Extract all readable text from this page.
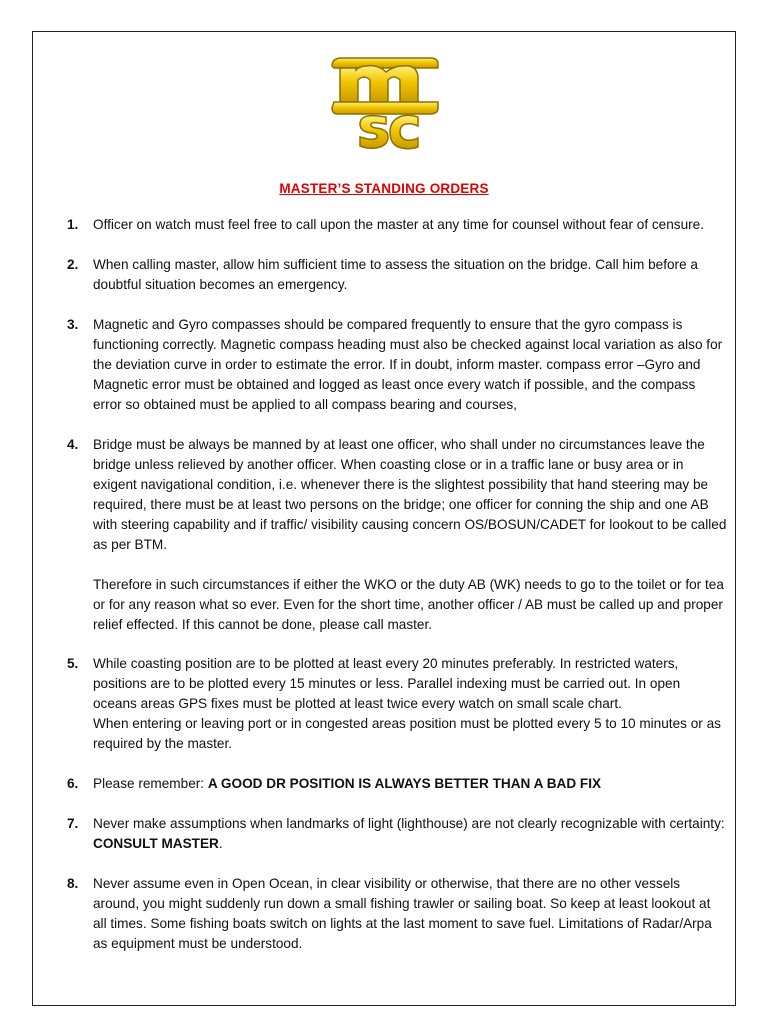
MASTER’S STANDING ORDERS
1.	Officer on watch must feel free to call upon the master at any time for counsel without fear of censure.

2.	When calling master, allow him sufficient time to assess the situation on the bridge. Call him before a doubtful situation becomes an emergency.

3.	Magnetic and Gyro compasses should be compared frequently to ensure that the gyro compass is functioning correctly. Magnetic compass heading must also be checked against local variation as also for the deviation curve in order to estimate the error. If in doubt, inform master. compass error –Gyro and Magnetic error must be obtained and logged as least once every watch if possible, and the compass error so obtained must be applied to all compass bearing and courses,

4.	Bridge must be always be manned by at least one officer, who shall under no circumstances leave the bridge unless relieved by another officer. When coasting close or in a traffic lane or busy area or in exigent navigational condition, i.e. whenever there is the slightest possibility that hand steering may be required, there must be at least two persons on the bridge; one officer for conning the ship and one AB with steering capability and if traffic/ visibility causing concern OS/BOSUN/CADET for lookout to be called as per BTM.

Therefore in such circumstances if either the WKO or the duty AB (WK) needs to go to the toilet or for tea or for any reason what so ever. Even for the short time, another officer / AB must be called up and proper relief effected. If this cannot be done, please call master.

5.	While coasting position are to be plotted at least every 20 minutes preferably. In restricted waters, positions are to be plotted every 15 minutes or less. Parallel indexing must be carried out. In open oceans areas GPS fixes must be plotted at least twice every watch on small scale chart.

When entering or leaving port or in congested areas position must be plotted every 5 to 10 minutes or as required by the master.

6.	Please remember: A GOOD DR POSITION IS ALWAYS BETTER THAN A BAD FIX

7.	Never make assumptions when landmarks of light (lighthouse) are not clearly recognizable with certainty: CONSULT MASTER.

8.	Never assume even in Open Ocean, in clear visibility or otherwise, that there are no other vessels around, you might suddenly run down a small fishing trawler or sailing boat. So keep at least lookout at all times. Some fishing boats switch on lights at the last moment to save fuel. Limitations of Radar/Arpa as equipment must be understood.
